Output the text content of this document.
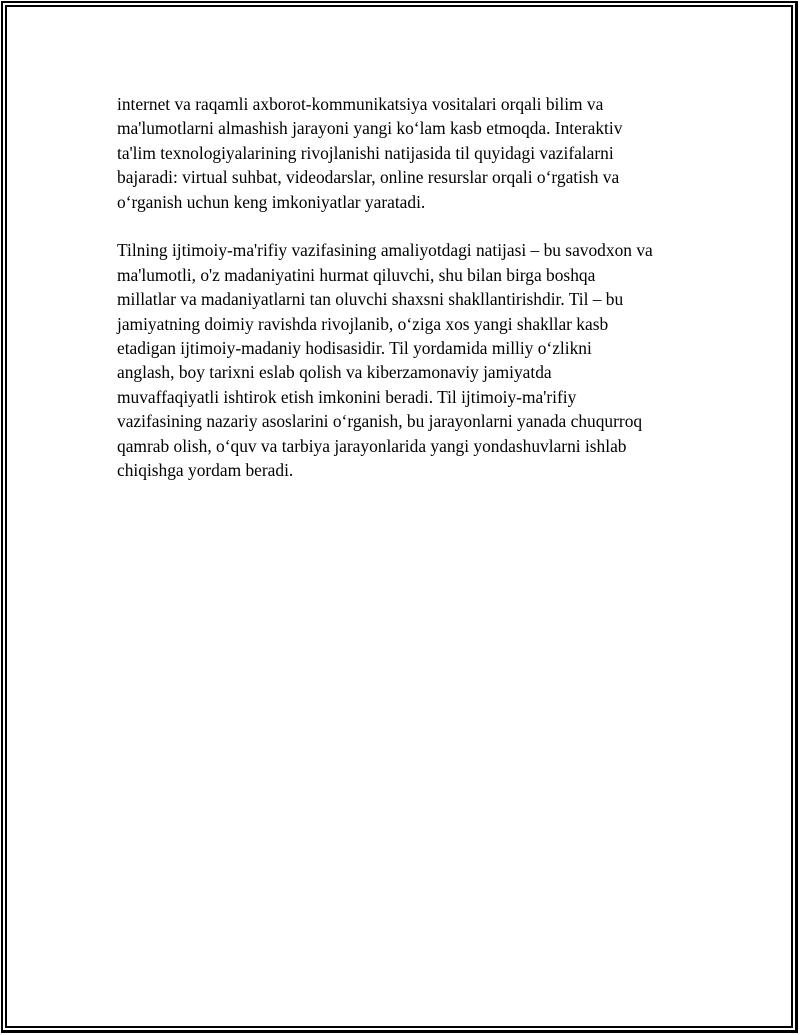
internet va raqamli axborot-kommunikatsiya vositalari orqali bilim va
ma'lumotlarni almashish jarayoni yangi ko‘lam kasb etmoqda. Interaktiv
ta'lim texnologiyalarining rivojlanishi natijasida til quyidagi vazifalarni
bajaradi: virtual suhbat, videodarslar, online resurslar orqali o‘rgatish va
o‘rganish uchun keng imkoniyatlar yaratadi.

Tilning ijtimoiy-ma'rifiy vazifasining amaliyotdagi natijasi – bu savodxon va
ma'lumotli, o'z madaniyatini hurmat qiluvchi, shu bilan birga boshqa
millatlar va madaniyatlarni tan oluvchi shaxsni shakllantirishdir. Til – bu
jamiyatning doimiy ravishda rivojlanib, o‘ziga xos yangi shakllar kasb
etadigan ijtimoiy-madaniy hodisasidir. Til yordamida milliy o‘zlikni
anglash, boy tarixni eslab qolish va kiberzamonaviy jamiyatda
muvaffaqiyatli ishtirok etish imkonini beradi. Til ijtimoiy-ma'rifiy
vazifasining nazariy asoslarini o‘rganish, bu jarayonlarni yanada chuqurroq
qamrab olish, o‘quv va tarbiya jarayonlarida yangi yondashuvlarni ishlab
chiqishga yordam beradi.
